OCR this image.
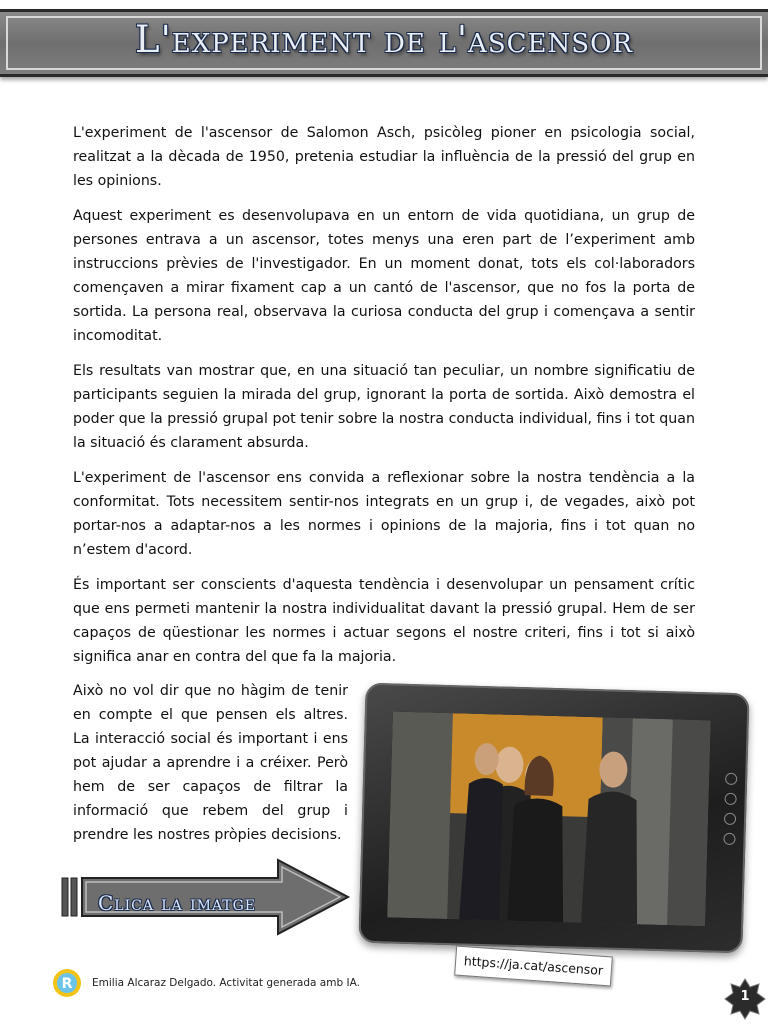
L'experiment de l'ascensor

L'experiment de l'ascensor de Salomon Asch, psicòleg pioner en psicologia social, realitzat a la dècada de 1950, pretenia estudiar la influència de la pressió del grup en les opinions.

Aquest experiment es desenvolupava en un entorn de vida quotidiana, un grup de persones entrava a un ascensor, totes menys una eren part de l’experiment amb instruccions prèvies de l'investigador. En un moment donat, tots els col·laboradors començaven a mirar fixament cap a un cantó de l'ascensor, que no fos la porta de sortida. La persona real, observava la curiosa conducta del grup i començava a sentir incomoditat.

Els resultats van mostrar que, en una situació tan peculiar, un nombre significatiu de participants seguien la mirada del grup, ignorant la porta de sortida. Això demostra el poder que la pressió grupal pot tenir sobre la nostra conducta individual, fins i tot quan la situació és clarament absurda.

L'experiment de l'ascensor ens convida a reflexionar sobre la nostra tendència a la conformitat. Tots necessitem sentir-nos integrats en un grup i, de vegades, això pot portar-nos a adaptar-nos a les normes i opinions de la majoria, fins i tot quan no n’estem d'acord.

És important ser conscients d'aquesta tendència i desenvolupar un pensament crític que ens permeti mantenir la nostra individualitat davant la pressió grupal. Hem de ser capaços de qüestionar les normes i actuar segons el nostre criteri, fins i tot si això significa anar en contra del que fa la majoria.

Això no vol dir que no hàgim de tenir en compte el que pensen els altres. La interacció social és important i ens pot ajudar a aprendre i a créixer. Però hem de ser capaços de filtrar la informació que rebem del grup i prendre les nostres pròpies decisions.

Clica la imatge
https://ja.cat/ascensor
R Emilia Alcaraz Delgado. Activitat generada amb IA.
1
